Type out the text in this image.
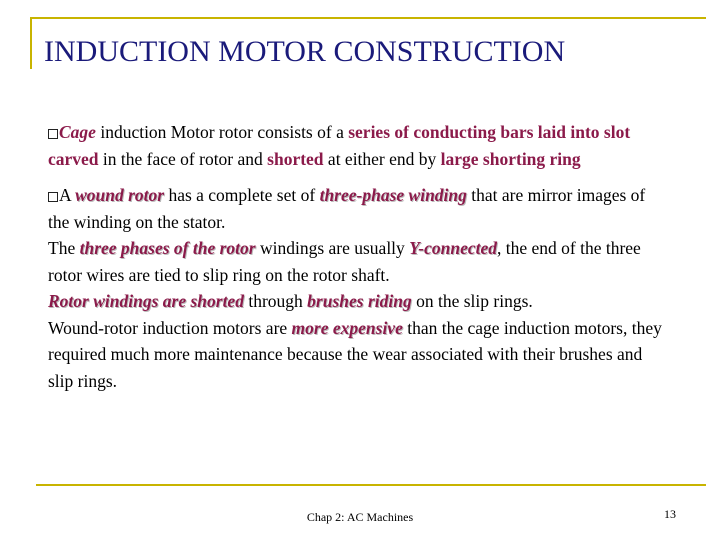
INDUCTION MOTOR CONSTRUCTION

Cage induction Motor rotor consists of a series of conducting bars laid into slot carved in the face of rotor and shorted at either end by large shorting ring

A wound rotor has a complete set of three-phase winding that are mirror images of the winding on the stator.
The three phases of the rotor windings are usually Y-connected, the end of the three rotor wires are tied to slip ring on the rotor shaft.
Rotor windings are shorted through brushes riding on the slip rings.
Wound-rotor induction motors are more expensive than the cage induction motors, they required much more maintenance because the wear associated with their brushes and slip rings.

Chap 2: AC Machines	13
